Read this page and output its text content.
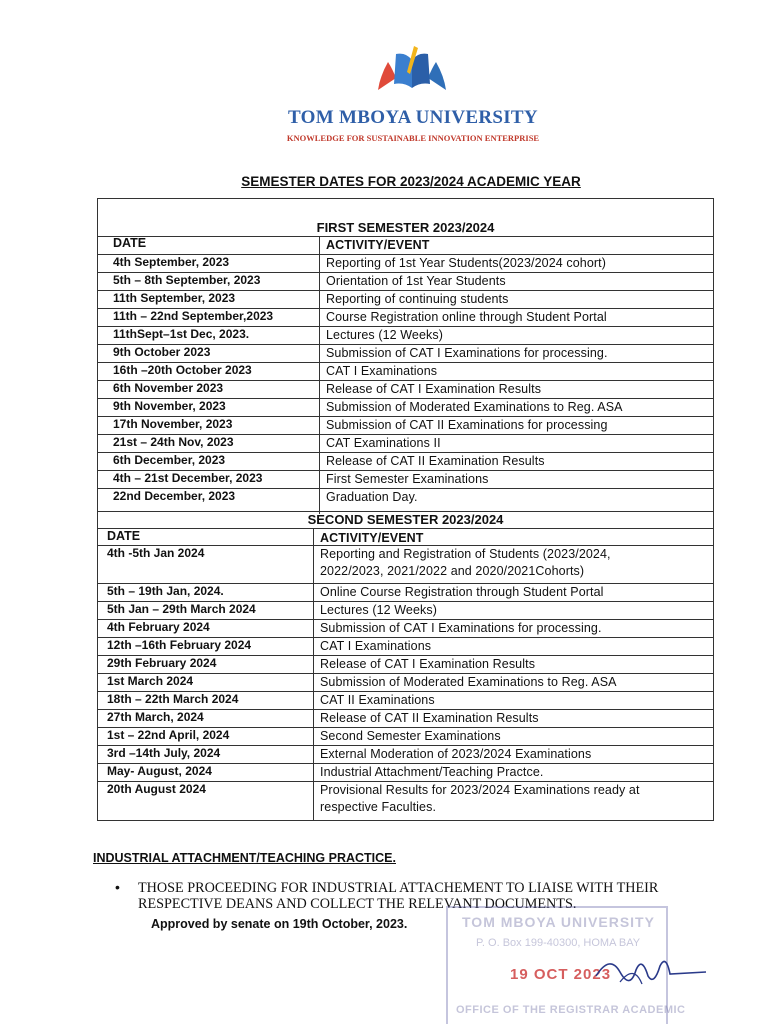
TOM MBOYA UNIVERSITY
KNOWLEDGE FOR SUSTAINABLE INNOVATION ENTERPRISE
SEMESTER DATES FOR 2023/2024 ACADEMIC YEAR
FIRST SEMESTER 2023/2024
DATE	ACTIVITY/EVENT
4th September, 2023	Reporting of 1st Year Students(2023/2024 cohort)
5th – 8th September, 2023	Orientation of 1st Year Students
11th September, 2023	Reporting of continuing students
11th – 22nd September,2023	Course Registration online through Student Portal
11thSept–1st Dec, 2023.	Lectures (12 Weeks)
9th October 2023	Submission of CAT I Examinations for processing.
16th –20th October 2023	CAT I Examinations
6th November 2023	Release of CAT I Examination Results
9th November, 2023	Submission of Moderated Examinations to Reg. ASA
17th November, 2023	Submission of CAT II Examinations for processing
21st – 24th Nov, 2023	CAT Examinations II
6th December, 2023	Release of CAT II Examination Results
4th – 21st December, 2023	First Semester Examinations
22nd December, 2023	Graduation Day.
SECOND SEMESTER 2023/2024
DATE	ACTIVITY/EVENT
4th -5th Jan 2024	Reporting and Registration of Students (2023/2024,
2022/2023, 2021/2022 and 2020/2021Cohorts)
5th – 19th Jan, 2024.	Online Course Registration through Student Portal
5th Jan – 29th March 2024	Lectures (12 Weeks)
4th February 2024	Submission of CAT I Examinations for processing.
12th –16th February 2024	CAT I Examinations
29th February 2024	Release of CAT I Examination Results
1st March 2024	Submission of Moderated Examinations to Reg. ASA
18th – 22th March 2024	CAT II Examinations
27th March, 2024	Release of CAT II Examination Results
1st – 22nd April, 2024	Second Semester Examinations
3rd –14th July, 2024	External Moderation of 2023/2024 Examinations
May- August, 2024	Industrial Attachment/Teaching Practce.
20th August 2024	Provisional Results for 2023/2024 Examinations ready at
respective Faculties.
INDUSTRIAL ATTACHMENT/TEACHING PRACTICE.
• THOSE PROCEEDING FOR INDUSTRIAL ATTACHEMENT TO LIAISE WITH THEIR RESPECTIVE DEANS AND COLLECT THE RELEVANT DOCUMENTS.
Approved by senate on 19th October, 2023.	TOM MBOYA UNIVERSITY
P. O. Box 199-40300, HOMA BAY
19 OCT 2023
OFFICE OF THE REGISTRAR ACADEMIC
